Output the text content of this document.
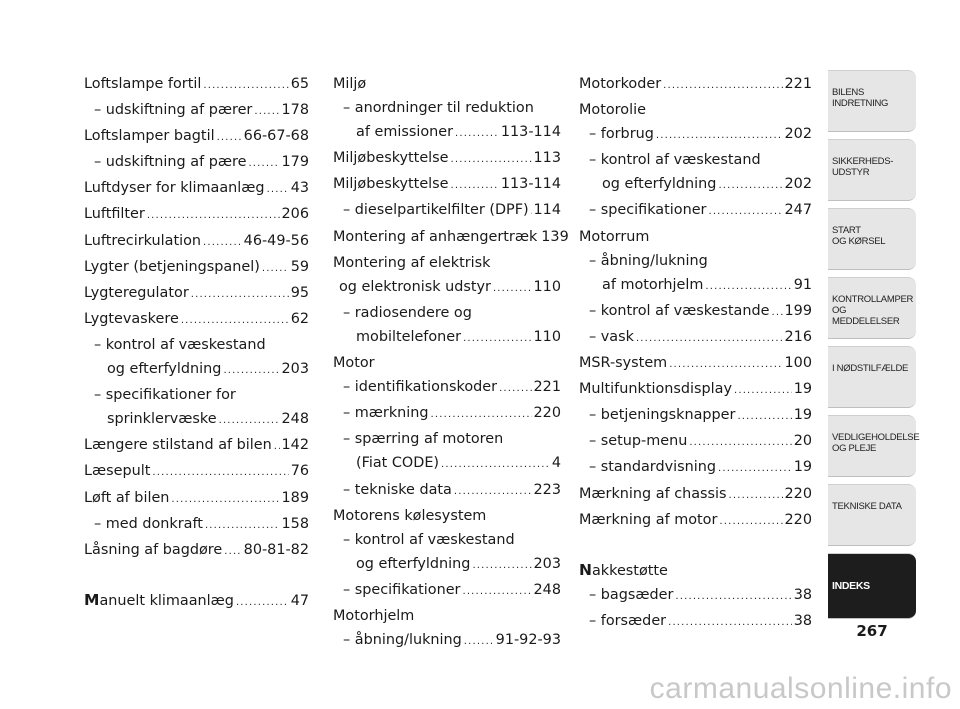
Loftslampe fortil . . .	65
– udskiftning af pærer . . . 178
Loftslamper bagtil . . . 66-67-68
– udskiftning af pære . . . 179
Luftdyser for klimaanlæg . . . 43
Luftfilter . . .	206
Luftrecirkulation . . .	46-49-56
Lygter (betjeningspanel) . . . 59
Lygteregulator . . .	95
Lygtevaskere . . .	62
– kontrol af væskestand
og efterfyldning . . .	203
– specifikationer for
sprinklervæske . . .	248
Længere stilstand af bilen . . . 142
Læsepult . . .	76
Løft af bilen . . .	189
– med donkraft . . .	158
Låsning af bagdøre . . . 80-81-82
M anuelt klimaanlæg . . .	47
Miljø
– anordninger til reduktion
af emissioner . . .	113-114
Miljøbeskyttelse . . .	113
Miljøbeskyttelse . . .	113-114
– dieselpartikelfilter (DPF) . . . 114
Montering af anhængertræk 139
Montering af elektrisk
og elektronisk udstyr . . .	110
– radiosendere og
mobiltelefoner . . .	110
Motor
– identifikationskoder . . .	221
– mærkning . . .	220
– spærring af motoren
(Fiat CODE) . . .	4
– tekniske data . . .	223
Motorens kølesystem
– kontrol af væskestand
og efterfyldning . . .	203
– specifikationer . . .	248
Motorhjelm
– åbning/lukning . . . 91-92-93
Motorkoder . . .	221
Motorolie
– forbrug . . .	202
– kontrol af væskestand
og efterfyldning . . .	202
– specifikationer . . .	247
Motorrum
– åbning/lukning
af motorhjelm . . .	91
– kontrol af væskestande . . . 199
– vask . . .	216
MSR-system . . .	100
Multifunktionsdisplay . . .	19
– betjeningsknapper . . .	19
– setup-menu . . .	20
– standardvisning . . .	19
Mærkning af chassis . . .	220
Mærkning af motor . . .	220
N akkestøtte
– bagsæder . . .	38
– forsæder . . .	38
BILENS
INDRETNING
SIKKERHEDS-
UDSTYR
START
OG KØRSEL
KONTROLLAMPER
OG MEDDELELSER
I NØDSTILFÆLDE
VEDLIGEHOLDELSE
OG PLEJE
TEKNISKE DATA
INDEKS
267
carmanualsonline.info
